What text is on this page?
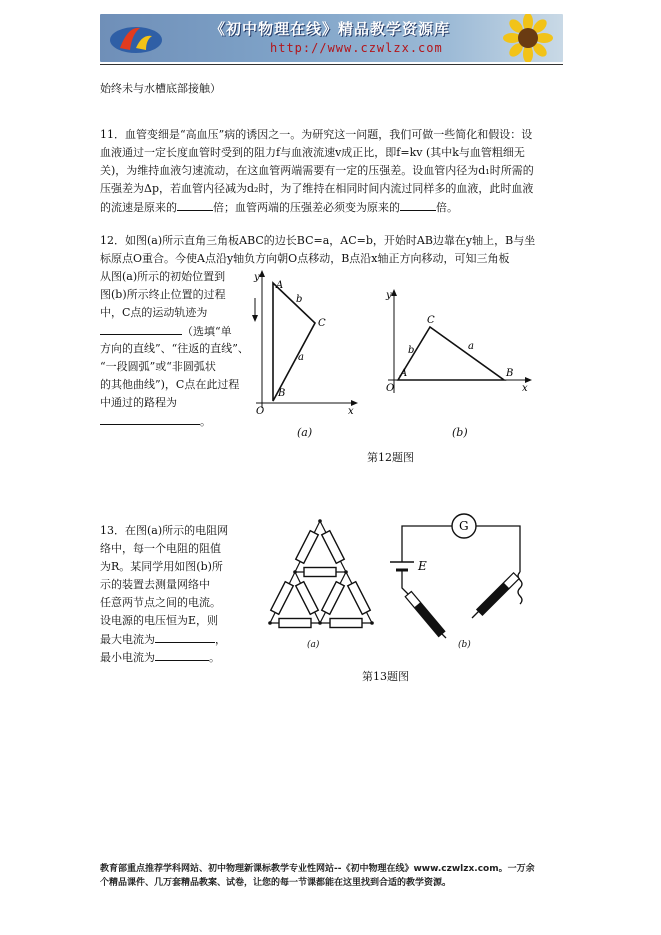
《初中物理在线》精品教学资源库
http://www.czwlzx.com
始终未与水槽底部接触）
11．血管变细是“高血压”病的诱因之一。为研究这一问题，我们可做一些简化和假设：设
血液通过一定长度血管时受到的阻力f与血液流速v成正比，即f=kv (其中k与血管粗细无
关)，为维持血液匀速流动，在这血管两端需要有一定的压强差。设血管内径为d₁时所需的
压强差为Δp，若血管内径减为d₂时，为了维持在相同时间内流过同样多的血液，此时血液
的流速是原来的	倍；血管两端的压强差必须变为原来的	倍。
12．如图(a)所示直角三角板ABC的边长BC=a，AC=b，开始时AB边靠在y轴上，B与坐
标原点O重合。今使A点沿y轴负方向朝O点移动，B点沿x轴正方向移动，可知三角板
从图(a)所示的初始位置到
图(b)所示终止位置的过程
中，C点的运动轨迹为
（选填“单
方向的直线”、“往返的直线”、
“一段圆弧”或“非圆弧状
的其他曲线”)，C点在此过程
中通过的路程为
。
y
x
A
C
B
O
b
a
(a)
y
x
A
C
B
O
b	a
(b)
第12题图
13．在图(a)所示的电阻网
络中，每一个电阻的阻值
为R。某同学用如图(b)所
示的装置去测量网络中
任意两节点之间的电流。
设电源的电压恒为E，则
最大电流为	，
最小电流为	。
(a)
E
G
(b)
第13题图
教育部重点推荐学科网站、初中物理新课标教学专业性网站--《初中物理在线》www.czwlzx.com。一万余
个精品课件、几万套精品教案、试卷，让您的每一节课都能在这里找到合适的教学资源。
